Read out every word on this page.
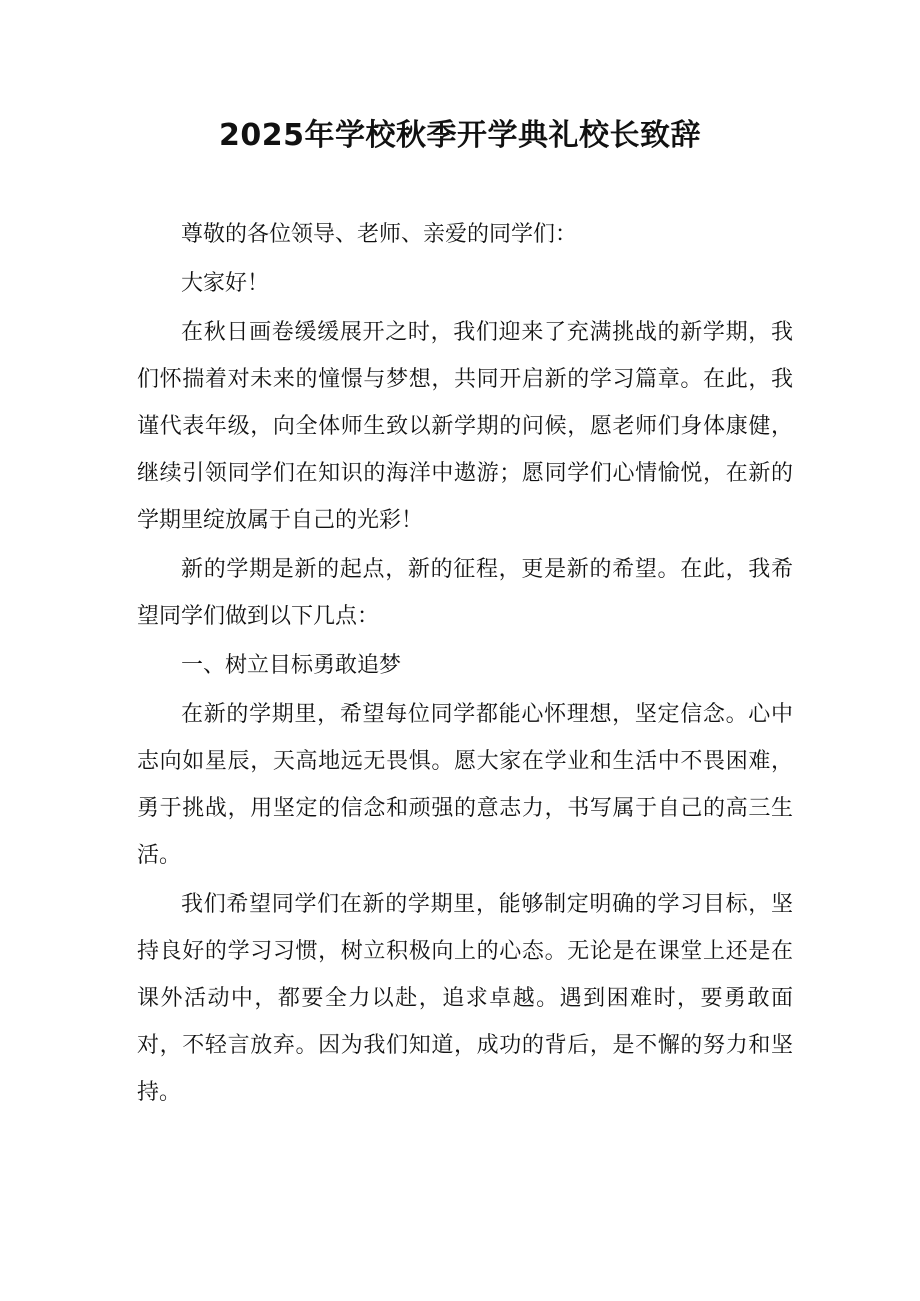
2025年学校秋季开学典礼校长致辞

尊敬的各位领导、老师、亲爱的同学们：

大家好！

在秋日画卷缓缓展开之时，我们迎来了充满挑战的新学期，我们怀揣着对未来的憧憬与梦想，共同开启新的学习篇章。在此，我谨代表年级，向全体师生致以新学期的问候，愿老师们身体康健，继续引领同学们在知识的海洋中遨游；愿同学们心情愉悦，在新的学期里绽放属于自己的光彩！

新的学期是新的起点，新的征程，更是新的希望。在此，我希望同学们做到以下几点：

一、树立目标勇敢追梦

在新的学期里，希望每位同学都能心怀理想，坚定信念。心中志向如星辰，天高地远无畏惧。愿大家在学业和生活中不畏困难，勇于挑战，用坚定的信念和顽强的意志力，书写属于自己的高三生活。

我们希望同学们在新的学期里，能够制定明确的学习目标，坚持良好的学习习惯，树立积极向上的心态。无论是在课堂上还是在课外活动中，都要全力以赴，追求卓越。遇到困难时，要勇敢面对，不轻言放弃。因为我们知道，成功的背后，是不懈的努力和坚持。
